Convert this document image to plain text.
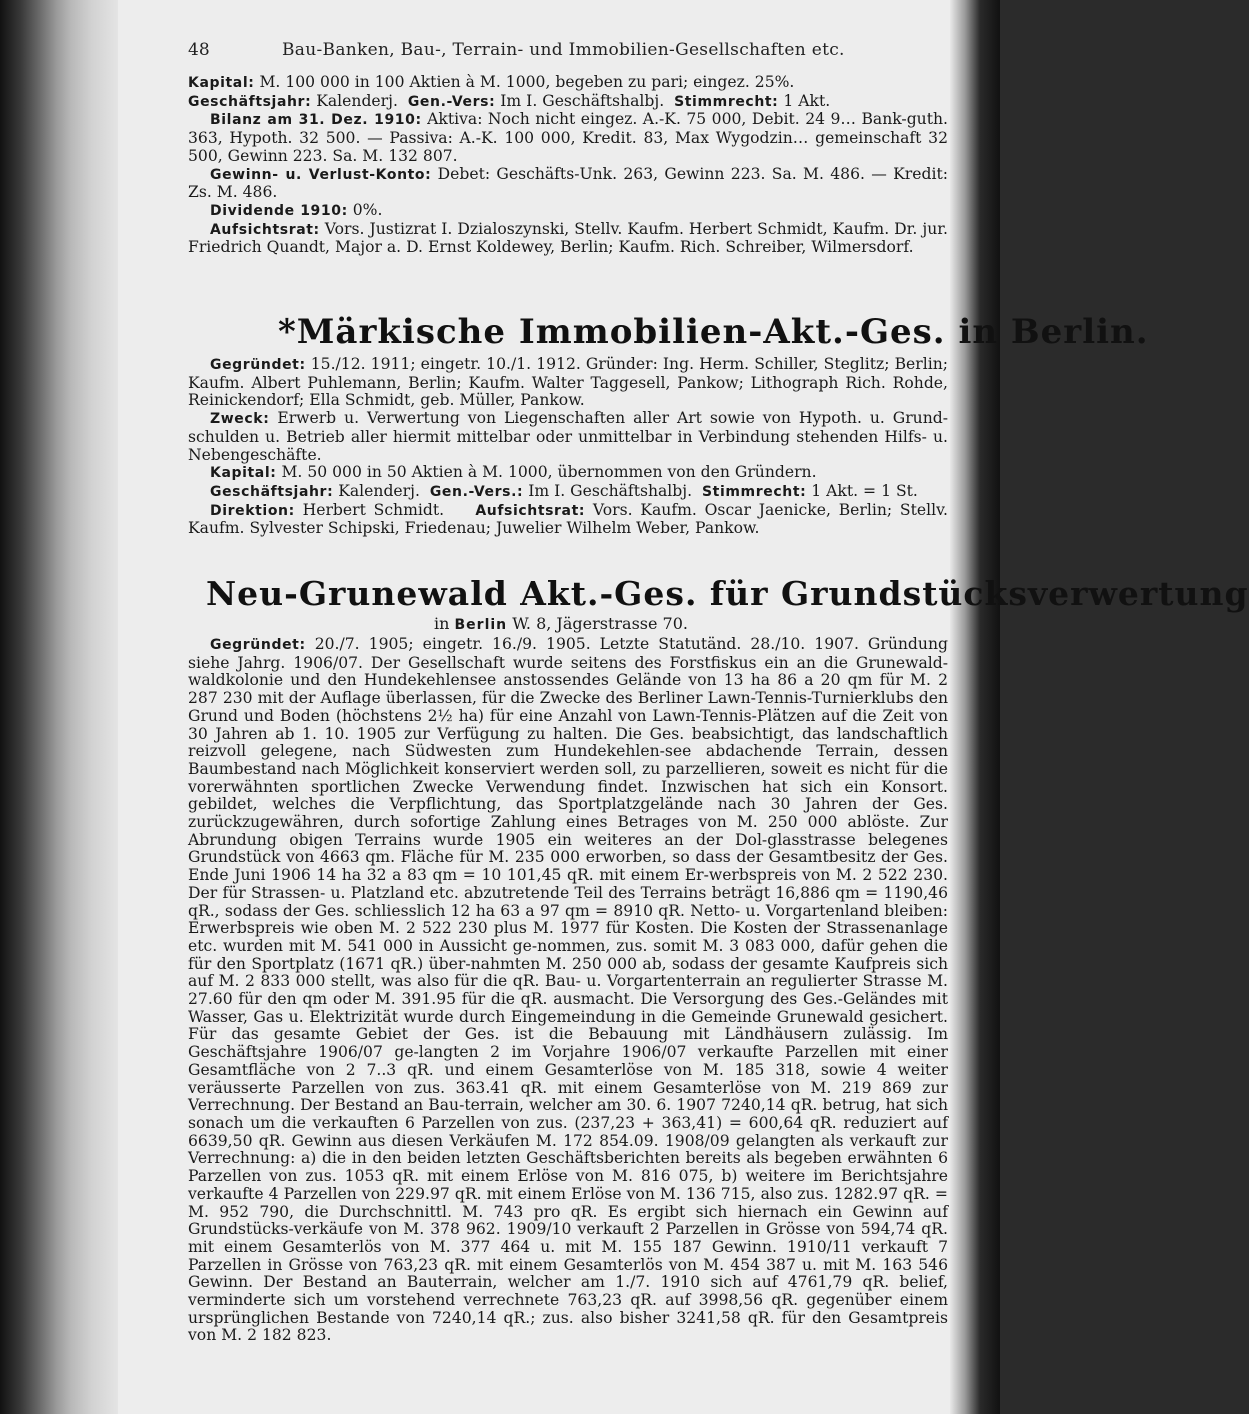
48	Bau-Banken, Bau-, Terrain- und Immobilien-Gesellschaften etc.

Kapital: M. 100 000 in 100 Aktien à M. 1000, begeben zu pari; eingez. 25%.

Geschäftsjahr: Kalenderj. Gen.-Vers: Im I. Geschäftshalbj. Stimmrecht: 1 Akt.

Bilanz am 31. Dez. 1910: Aktiva: Noch nicht eingez. A.-K. 75 000, Debit. 24 9… Bank-guth. 363, Hypoth. 32 500. — Passiva: A.-K. 100 000, Kredit. 83, Max Wygodzin… gemeinschaft 32 500, Gewinn 223. Sa. M. 132 807.

Gewinn- u. Verlust-Konto: Debet: Geschäfts-Unk. 263, Gewinn 223. Sa. M. 486. — Kredit: Zs. M. 486.

Dividende 1910: 0%.

Aufsichtsrat: Vors. Justizrat I. Dzialoszynski, Stellv. Kaufm. Herbert Schmidt, Kaufm. Dr. jur. Friedrich Quandt, Major a. D. Ernst Koldewey, Berlin; Kaufm. Rich. Schreiber, Wilmersdorf.

*Märkische Immobilien-Akt.-Ges. in Berlin.

Gegründet: 15./12. 1911; eingetr. 10./1. 1912. Gründer: Ing. Herm. Schiller, Steglitz; Berlin; Kaufm. Albert Puhlemann, Berlin; Kaufm. Walter Taggesell, Pankow; Lithograph Rich. Rohde, Reinickendorf; Ella Schmidt, geb. Müller, Pankow.

Zweck: Erwerb u. Verwertung von Liegenschaften aller Art sowie von Hypoth. u. Grund-schulden u. Betrieb aller hiermit mittelbar oder unmittelbar in Verbindung stehenden Hilfs- u. Nebengeschäfte.

Kapital: M. 50 000 in 50 Aktien à M. 1000, übernommen von den Gründern.

Geschäftsjahr: Kalenderj. Gen.-Vers.: Im I. Geschäftshalbj. Stimmrecht: 1 Akt. = 1 St.

Direktion: Herbert Schmidt. Aufsichtsrat: Vors. Kaufm. Oscar Jaenicke, Berlin; Stellv. Kaufm. Sylvester Schipski, Friedenau; Juwelier Wilhelm Weber, Pankow.

Neu-Grunewald Akt.-Ges. für Grundstücksverwertung
in Berlin W. 8, Jägerstrasse 70.

Gegründet: 20./7. 1905; eingetr. 16./9. 1905. Letzte Statutänd. 28./10. 1907. Gründung siehe Jahrg. 1906/07. Der Gesellschaft wurde seitens des Forstfiskus ein an die Grunewald-waldkolonie und den Hundekehlensee anstossendes Gelände von 13 ha 86 a 20 qm für M. 2 287 230 mit der Auflage überlassen, für die Zwecke des Berliner Lawn-Tennis-Turnierklubs den Grund und Boden (höchstens 2½ ha) für eine Anzahl von Lawn-Tennis-Plätzen auf die Zeit von 30 Jahren ab 1. 10. 1905 zur Verfügung zu halten. Die Ges. beabsichtigt, das landschaftlich reizvoll gelegene, nach Südwesten zum Hundekehlen-see abdachende Terrain, dessen Baumbestand nach Möglichkeit konserviert werden soll, zu parzellieren, soweit es nicht für die vorerwähnten sportlichen Zwecke Verwendung findet. Inzwischen hat sich ein Konsort. gebildet, welches die Verpflichtung, das Sportplatzgelände nach 30 Jahren der Ges. zurückzugewähren, durch sofortige Zahlung eines Betrages von M. 250 000 ablöste. Zur Abrundung obigen Terrains wurde 1905 ein weiteres an der Dol-glasstrasse belegenes Grundstück von 4663 qm. Fläche für M. 235 000 erworben, so dass der Gesamtbesitz der Ges. Ende Juni 1906 14 ha 32 a 83 qm = 10 101,45 qR. mit einem Er-werbspreis von M. 2 522 230. Der für Strassen- u. Platzland etc. abzutretende Teil des Terrains beträgt 16,886 qm = 1190,46 qR., sodass der Ges. schliesslich 12 ha 63 a 97 qm = 8910 qR. Netto- u. Vorgartenland bleiben: Erwerbspreis wie oben M. 2 522 230 plus M. 1977 für Kosten. Die Kosten der Strassenanlage etc. wurden mit M. 541 000 in Aussicht ge-nommen, zus. somit M. 3 083 000, dafür gehen die für den Sportplatz (1671 qR.) über-nahmten M. 250 000 ab, sodass der gesamte Kaufpreis sich auf M. 2 833 000 stellt, was also für die qR. Bau- u. Vorgartenterrain an regulierter Strasse M. 27.60 für den qm oder M. 391.95 für die qR. ausmacht. Die Versorgung des Ges.-Geländes mit Wasser, Gas u. Elektrizität wurde durch Eingemeindung in die Gemeinde Grunewald gesichert. Für das gesamte Gebiet der Ges. ist die Bebauung mit Ländhäusern zulässig. Im Geschäftsjahre 1906/07 ge-langten 2 im Vorjahre 1906/07 verkaufte Parzellen mit einer Gesamtfläche von 2 7..3 qR. und einem Gesamterlöse von M. 185 318, sowie 4 weiter veräusserte Parzellen von zus. 363.41 qR. mit einem Gesamterlöse von M. 219 869 zur Verrechnung. Der Bestand an Bau-terrain, welcher am 30. 6. 1907 7240,14 qR. betrug, hat sich sonach um die verkauften 6 Parzellen von zus. (237,23 + 363,41) = 600,64 qR. reduziert auf 6639,50 qR. Gewinn aus diesen Verkäufen M. 172 854.09. 1908/09 gelangten als verkauft zur Verrechnung: a) die in den beiden letzten Geschäftsberichten bereits als begeben erwähnten 6 Parzellen von zus. 1053 qR. mit einem Erlöse von M. 816 075, b) weitere im Berichtsjahre verkaufte 4 Parzellen von 229.97 qR. mit einem Erlöse von M. 136 715, also zus. 1282.97 qR. = M. 952 790, die Durchschnittl. M. 743 pro qR. Es ergibt sich hiernach ein Gewinn auf Grundstücks-verkäufe von M. 378 962. 1909/10 verkauft 2 Parzellen in Grösse von 594,74 qR. mit einem Gesamterlös von M. 377 464 u. mit M. 155 187 Gewinn. 1910/11 verkauft 7 Parzellen in Grösse von 763,23 qR. mit einem Gesamterlös von M. 454 387 u. mit M. 163 546 Gewinn. Der Bestand an Bauterrain, welcher am 1./7. 1910 sich auf 4761,79 qR. belief, verminderte sich um vorstehend verrechnete 763,23 qR. auf 3998,56 qR. gegenüber einem ursprünglichen Bestande von 7240,14 qR.; zus. also bisher 3241,58 qR. für den Gesamtpreis von M. 2 182 823.
